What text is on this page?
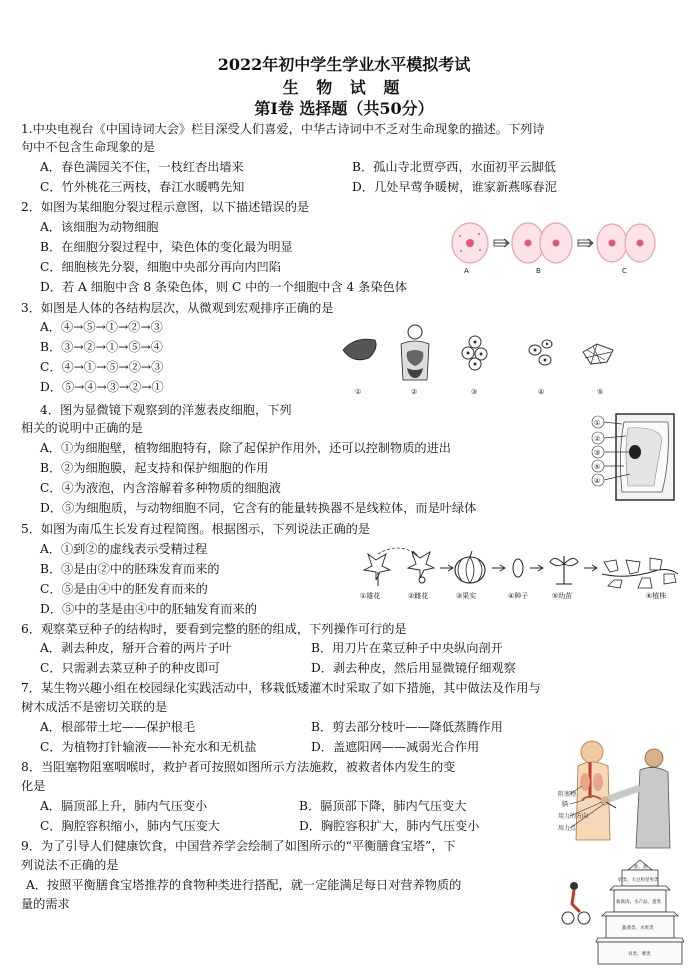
2022年初中学生学业水平模拟考试
生 物 试 题
第Ⅰ卷 选择题（共50分）
1.中央电视台《中国诗词大会》栏目深受人们喜爱，中华古诗词中不乏对生命现象的描述。下列诗
句中不包含生命现象的是
A．春色满园关不住，一枝红杏出墙来	B．孤山寺北贾亭西，水面初平云脚低
C．竹外桃花三两枝，春江水暖鸭先知	D．几处早莺争暖树，谁家新燕啄春泥
2．如图为某细胞分裂过程示意图，以下描述错误的是
A．该细胞为动物细胞
B．在细胞分裂过程中，染色体的变化最为明显
C．细胞核先分裂，细胞中央部分再向内凹陷
D．若 A 细胞中含 8 条染色体，则 C 中的一个细胞中含 4 条染色体
A	B	C
3．如图是人体的各结构层次，从微观到宏观排序正确的是
A．④→⑤→①→②→③
B．③→②→①→⑤→④
C．④→①→⑤→②→③
D．⑤→④→③→②→①	①	②	③	④	⑤
4．图为显微镜下观察到的洋葱表皮细胞，下列
相关的说明中正确的是
A．①为细胞壁，植物细胞特有，除了起保护作用外，还可以控制物质的进出
B．②为细胞膜，起支持和保护细胞的作用
C．④为液泡，内含溶解着多种物质的细胞液
D．⑤为细胞质，与动物细胞不同，它含有的能量转换器不是线粒体，而是叶绿体
①
②
③
⑤
④
5．如图为南瓜生长发育过程简图。根据图示，下列说法正确的是
A．①到②的虚线表示受精过程
B．③是由②中的胚珠发育而来的
C．⑤是由④中的胚发育而来的
D．⑤中的茎是由④中的胚轴发育而来的
①雄花	②雌花	③果实	④种子	⑤幼苗	⑥植株
6．观察菜豆种子的结构时，要看到完整的胚的组成，下列操作可行的是
A．剥去种皮，掰开合着的两片子叶	B．用刀片在菜豆种子中央纵向剖开
C．只需剥去菜豆种子的种皮即可	D．剥去种皮，然后用显微镜仔细观察
7．某生物兴趣小组在校园绿化实践活动中，移栽低矮灌木时采取了如下措施，其中做法及作用与
树木成活不是密切关联的是
A．根部带土坨——保护根毛	B．剪去部分枝叶——降低蒸腾作用
C．为植物打针输液——补充水和无机盐	D．盖遮阳网——减弱光合作用
8．当阻塞物阻塞咽喉时，救护者可按照如图所示方法施救，被救者体内发生的变
化是
A．膈顶部上升，肺内气压变小	B．膈顶部下降，肺内气压变大
C．胸腔容积缩小，肺内气压变大	D．胸腔容积扩大，肺内气压变小
阻塞物
膈
用力的方向
用力点
9．为了引导人们健康饮食，中国营养学会绘制了如图所示的“平衡膳食宝塔”，下
列说法不正确的是
A．按照平衡膳食宝塔推荐的食物种类进行搭配，就一定能满足每日对营养物质的
量的需求
盐、油
奶类、大豆和坚果类
畜禽肉、水产品、蛋类
蔬菜类、水果类
谷类、薯类
